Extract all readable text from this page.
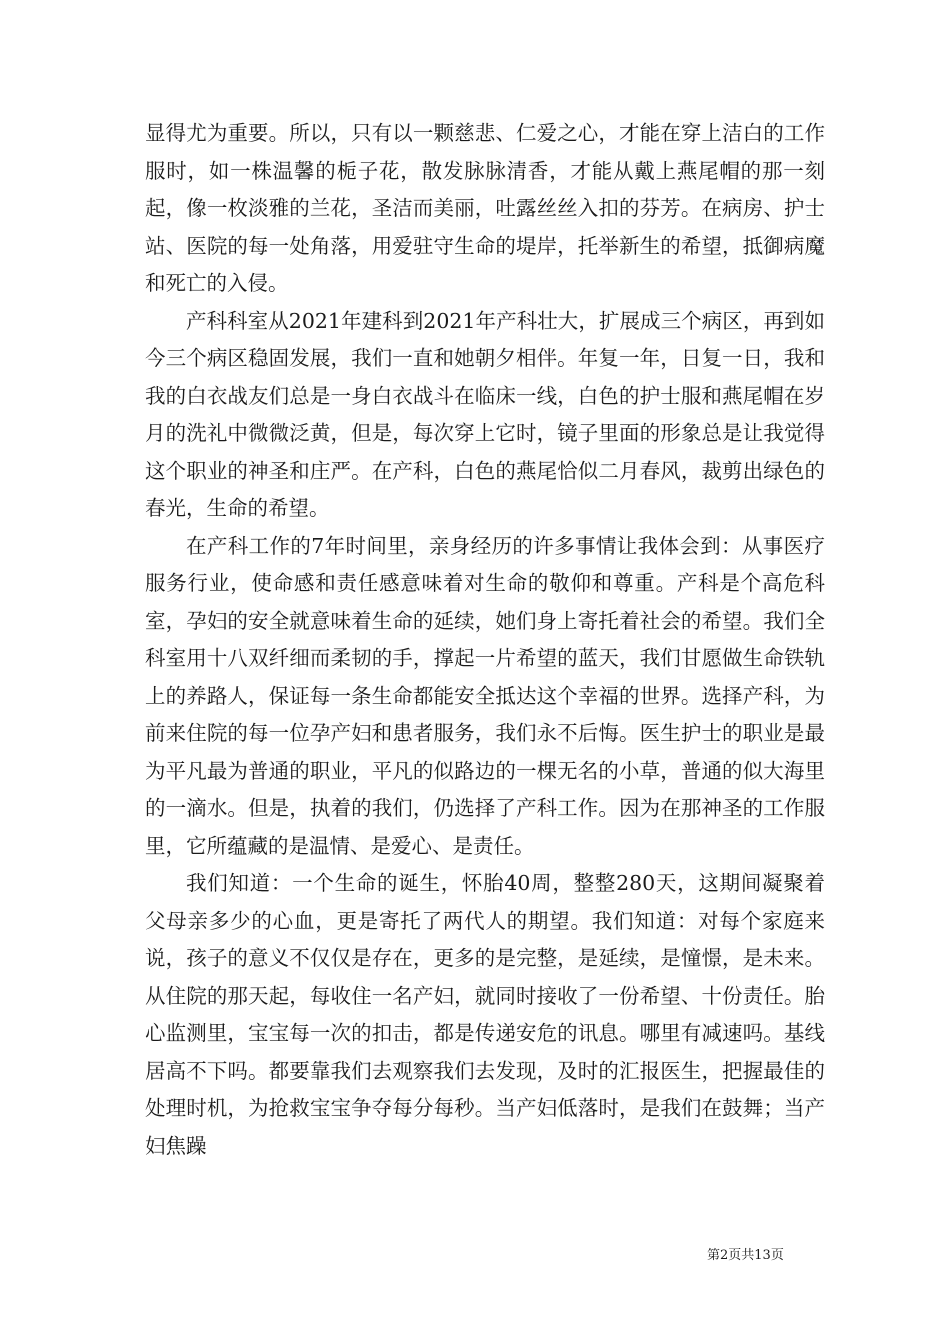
显得尤为重要。所以，只有以一颗慈悲、仁爱之心，才能在穿上洁白的工作服时，如一株温馨的栀子花，散发脉脉清香，才能从戴上燕尾帽的那一刻起，像一枚淡雅的兰花，圣洁而美丽，吐露丝丝入扣的芬芳。在病房、护士站、医院的每一处角落，用爱驻守生命的堤岸，托举新生的希望，抵御病魔和死亡的入侵。

产科科室从2021年建科到2021年产科壮大，扩展成三个病区，再到如今三个病区稳固发展，我们一直和她朝夕相伴。年复一年，日复一日，我和我的白衣战友们总是一身白衣战斗在临床一线，白色的护士服和燕尾帽在岁月的洗礼中微微泛黄，但是，每次穿上它时，镜子里面的形象总是让我觉得这个职业的神圣和庄严。在产科，白色的燕尾恰似二月春风，裁剪出绿色的春光，生命的希望。

在产科工作的7年时间里，亲身经历的许多事情让我体会到：从事医疗服务行业，使命感和责任感意味着对生命的敬仰和尊重。产科是个高危科室，孕妇的安全就意味着生命的延续，她们身上寄托着社会的希望。我们全科室用十八双纤细而柔韧的手，撑起一片希望的蓝天，我们甘愿做生命铁轨上的养路人，保证每一条生命都能安全抵达这个幸福的世界。选择产科，为前来住院的每一位孕产妇和患者服务，我们永不后悔。医生护士的职业是最为平凡最为普通的职业，平凡的似路边的一棵无名的小草，普通的似大海里的一滴水。但是，执着的我们，仍选择了产科工作。因为在那神圣的工作服里，它所蕴藏的是温情、是爱心、是责任。

我们知道：一个生命的诞生，怀胎40周，整整280天，这期间凝聚着父母亲多少的心血，更是寄托了两代人的期望。我们知道：对每个家庭来说，孩子的意义不仅仅是存在，更多的是完整，是延续，是憧憬，是未来。从住院的那天起，每收住一名产妇，就同时接收了一份希望、十份责任。胎心监测里，宝宝每一次的扣击，都是传递安危的讯息。哪里有减速吗。基线居高不下吗。都要靠我们去观察我们去发现，及时的汇报医生，把握最佳的处理时机，为抢救宝宝争夺每分每秒。当产妇低落时，是我们在鼓舞；当产妇焦躁

第2页共13页
